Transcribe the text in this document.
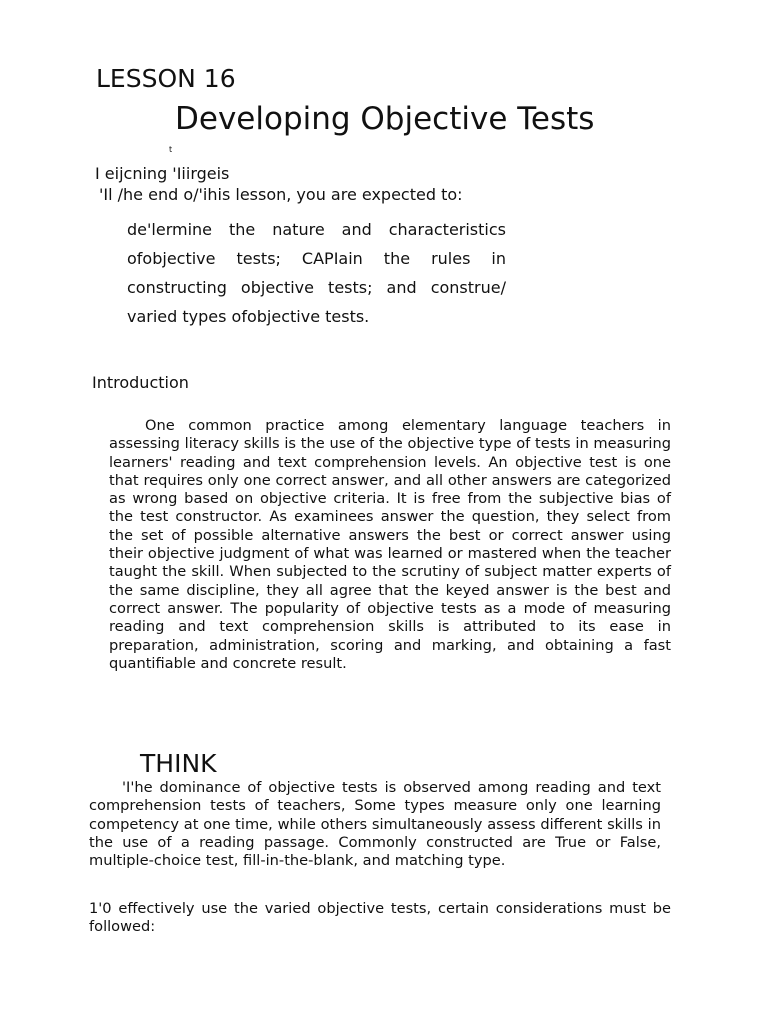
LESSON 16
Developing Objective Tests
t
I eijcning 'Iiirgeis
'Il /he end o/'ihis lesson, you are expected to:

de'lermine the nature and characteristics ofobjective tests; CAPIain the rules in constructing objective tests; and construe/ varied types ofobjective tests.

Introduction

One common practice among elementary language teachers in assessing literacy skills is the use of the objective type of tests in measuring learners' reading and text comprehension levels. An objective test is one that requires only one correct answer, and all other answers are categorized as wrong based on objective criteria. It is free from the subjective bias of the test constructor. As examinees answer the question, they select from the set of possible alternative answers the best or correct answer using their objective judgment of what was learned or mastered when the teacher taught the skill. When subjected to the scrutiny of subject matter experts of the same discipline, they all agree that the keyed answer is the best and correct answer. The popularity of objective tests as a mode of measuring reading and text comprehension skills is attributed to its ease in preparation, administration, scoring and marking, and obtaining a fast quantifiable and concrete result.

THINK

'I'he dominance of objective tests is observed among reading and text comprehension tests of teachers, Some types measure only one learning competency at one time, while others simultaneously assess different skills in the use of a reading passage. Commonly constructed are True or False, multiple-choice test, fill-in-the-blank, and matching type.

1'0 effectively use the varied objective tests, certain considerations must be followed:
